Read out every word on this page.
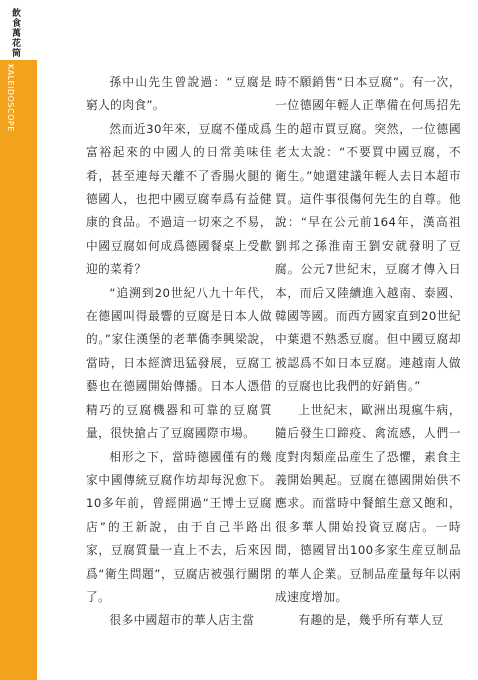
飲食萬花筒
KALEIDOSCOPE	孫中山先生曾說過：“豆腐是窮人的肉食”。

然而近30年來，豆腐不僅成爲富裕起來的中國人的日常美味佳肴，甚至連每天離不了香腸火腿的德國人，也把中國豆腐奉爲有益健康的食品。不過這一切來之不易，中國豆腐如何成爲德國餐桌上受歡迎的菜肴？

“追溯到20世紀八九十年代，在德國叫得最響的豆腐是日本人做的。”家住漢堡的老華僑李興梁說，當時，日本經濟迅猛發展，豆腐工藝也在德國開始傳播。日本人憑借精巧的豆腐機器和可靠的豆腐質量，很快搶占了豆腐國際市場。

相形之下，當時德國僅有的幾家中國傳統豆腐作坊却每況愈下。10多年前，曾經開過“王博士豆腐店”的王新說，由于自己半路出家，豆腐質量一直上不去，后來因爲“衛生問題”，豆腐店被强行關閉了。

很多中國超市的華人店主當

時不願銷售“日本豆腐”。有一次，一位德國年輕人正準備在何馬招先生的超市買豆腐。突然，一位德國老太太說：“不要買中國豆腐，不衛生。”她還建議年輕人去日本超市買。這件事很傷何先生的自尊。他說：“早在公元前164年，漢高祖劉邦之孫淮南王劉安就發明了豆腐。公元7世紀末，豆腐才傳入日本，而后又陸續進入越南、泰國、韓國等國。而西方國家直到20世紀中葉還不熟悉豆腐。但中國豆腐却被認爲不如日本豆腐。連越南人做的豆腐也比我們的好銷售。”

上世紀末，歐洲出現瘋牛病，隨后發生口蹄疫、禽流感，人們一度對肉類産品産生了恐懼，素食主義開始興起。豆腐在德國開始供不應求。而當時中餐館生意又飽和，很多華人開始投資豆腐店。一時間，德國冒出100多家生産豆制品的華人企業。豆制品産量每年以兩成速度增加。

有趣的是，幾乎所有華人豆
